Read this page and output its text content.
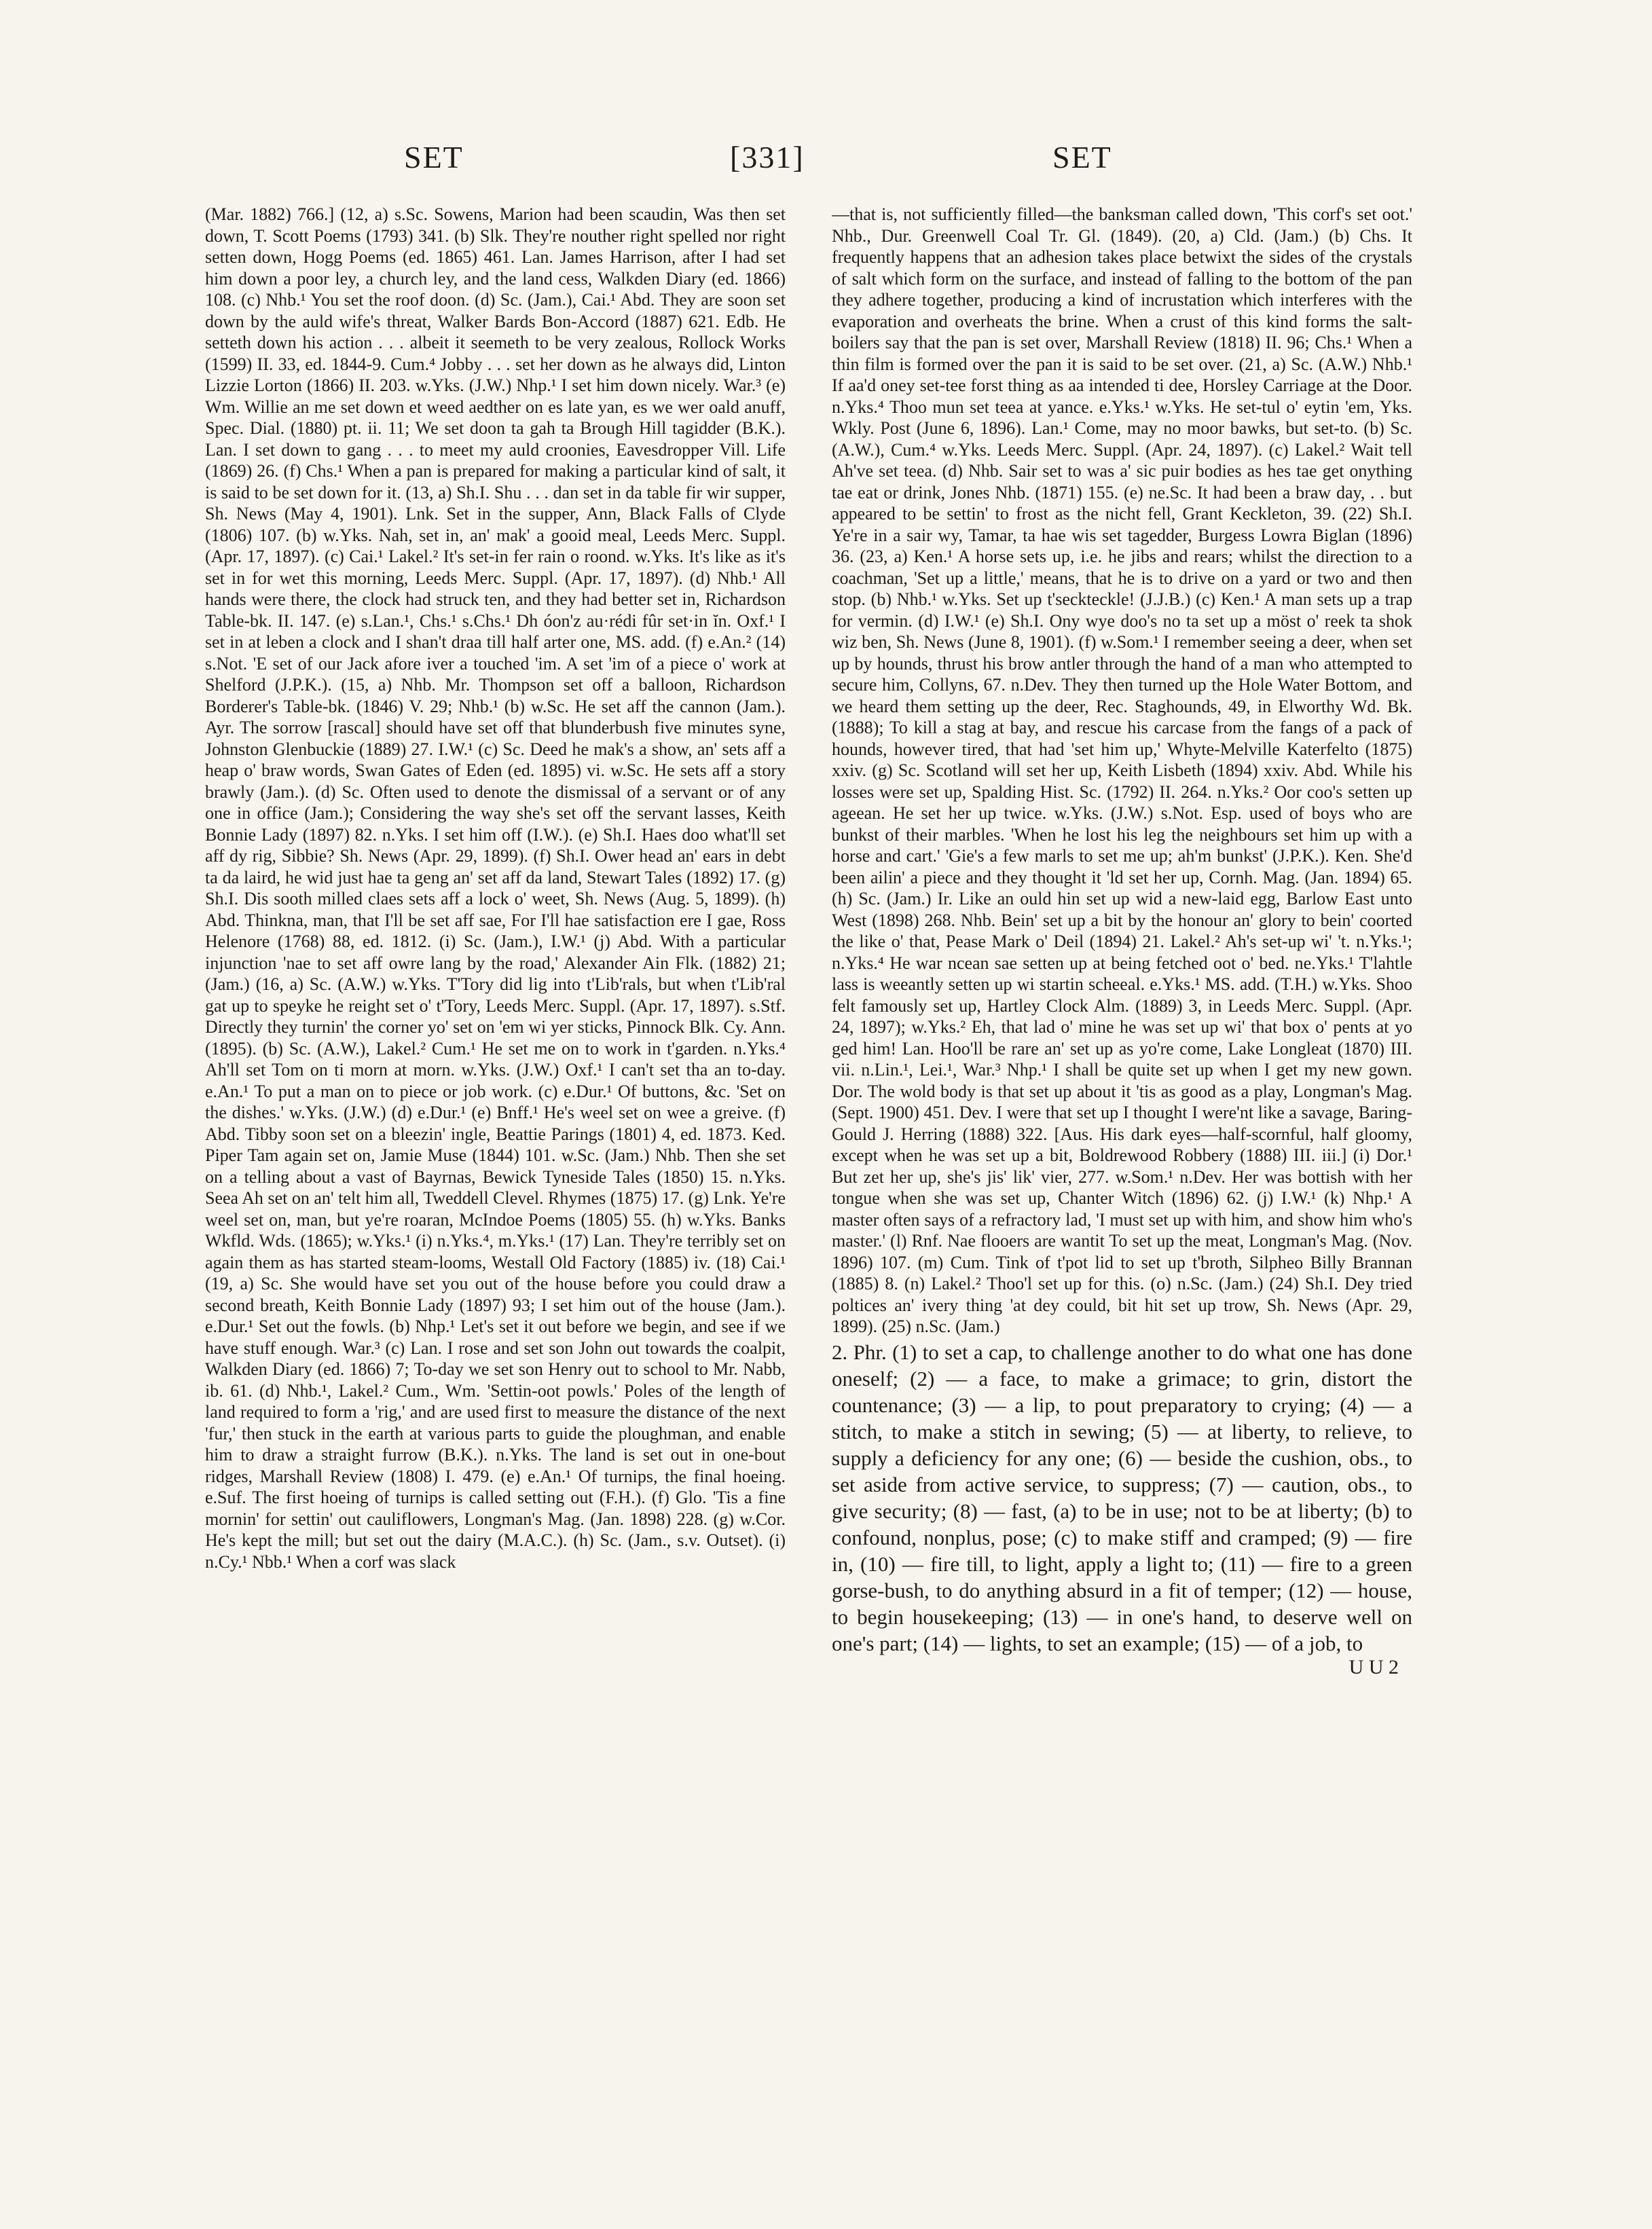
SET	[331]	SET

(Mar. 1882) 766.] (12, a) s.Sc. Sowens, Marion had been scaudin, Was then set down, T. Scott Poems (1793) 341. (b) Slk. They're nouther right spelled nor right setten down, Hogg Poems (ed. 1865) 461. Lan. James Harrison, after I had set him down a poor ley, a church ley, and the land cess, Walkden Diary (ed. 1866) 108. (c) Nhb.¹ You set the roof doon. (d) Sc. (Jam.), Cai.¹ Abd. They are soon set down by the auld wife's threat, Walker Bards Bon-Accord (1887) 621. Edb. He setteth down his action . . . albeit it seemeth to be very zealous, Rollock Works (1599) II. 33, ed. 1844-9. Cum.⁴ Jobby . . . set her down as he always did, Linton Lizzie Lorton (1866) II. 203. w.Yks. (J.W.) Nhp.¹ I set him down nicely. War.³ (e) Wm. Willie an me set down et weed aedther on es late yan, es we wer oald anuff, Spec. Dial. (1880) pt. ii. 11; We set doon ta gah ta Brough Hill tagidder (B.K.). Lan. I set down to gang . . . to meet my auld croonies, Eavesdropper Vill. Life (1869) 26. (f) Chs.¹ When a pan is prepared for making a particular kind of salt, it is said to be set down for it. (13, a) Sh.I. Shu . . . dan set in da table fir wir supper, Sh. News (May 4, 1901). Lnk. Set in the supper, Ann, Black Falls of Clyde (1806) 107. (b) w.Yks. Nah, set in, an' mak' a gooid meal, Leeds Merc. Suppl. (Apr. 17, 1897). (c) Cai.¹ Lakel.² It's set-in fer rain o roond. w.Yks. It's like as it's set in for wet this morning, Leeds Merc. Suppl. (Apr. 17, 1897). (d) Nhb.¹ All hands were there, the clock had struck ten, and they had better set in, Richardson Table-bk. II. 147. (e) s.Lan.¹, Chs.¹ s.Chs.¹ Dh óon'z au·rédi fûr set·in ĭn. Oxf.¹ I set in at leben a clock and I shan't draa till half arter one, MS. add. (f) e.An.² (14) s.Not. 'E set of our Jack afore iver a touched 'im. A set 'im of a piece o' work at Shelford (J.P.K.). (15, a) Nhb. Mr. Thompson set off a balloon, Richardson Borderer's Table-bk. (1846) V. 29; Nhb.¹ (b) w.Sc. He set aff the cannon (Jam.). Ayr. The sorrow [rascal] should have set off that blunderbush five minutes syne, Johnston Glenbuckie (1889) 27. I.W.¹ (c) Sc. Deed he mak's a show, an' sets aff a heap o' braw words, Swan Gates of Eden (ed. 1895) vi. w.Sc. He sets aff a story brawly (Jam.). (d) Sc. Often used to denote the dismissal of a servant or of any one in office (Jam.); Considering the way she's set off the servant lasses, Keith Bonnie Lady (1897) 82. n.Yks. I set him off (I.W.). (e) Sh.I. Haes doo what'll set aff dy rig, Sibbie? Sh. News (Apr. 29, 1899). (f) Sh.I. Ower head an' ears in debt ta da laird, he wid just hae ta geng an' set aff da land, Stewart Tales (1892) 17. (g) Sh.I. Dis sooth milled claes sets aff a lock o' weet, Sh. News (Aug. 5, 1899). (h) Abd. Thinkna, man, that I'll be set aff sae, For I'll hae satisfaction ere I gae, Ross Helenore (1768) 88, ed. 1812. (i) Sc. (Jam.), I.W.¹ (j) Abd. With a particular injunction 'nae to set aff owre lang by the road,' Alexander Ain Flk. (1882) 21; (Jam.) (16, a) Sc. (A.W.) w.Yks. T'Tory did lig into t'Lib'rals, but when t'Lib'ral gat up to speyke he reight set o' t'Tory, Leeds Merc. Suppl. (Apr. 17, 1897). s.Stf. Directly they turnin' the corner yo' set on 'em wi yer sticks, Pinnock Blk. Cy. Ann. (1895). (b) Sc. (A.W.), Lakel.² Cum.¹ He set me on to work in t'garden. n.Yks.⁴ Ah'll set Tom on ti morn at morn. w.Yks. (J.W.) Oxf.¹ I can't set tha an to-day. e.An.¹ To put a man on to piece or job work. (c) e.Dur.¹ Of buttons, &c. 'Set on the dishes.' w.Yks. (J.W.) (d) e.Dur.¹ (e) Bnff.¹ He's weel set on wee a greive. (f) Abd. Tibby soon set on a bleezin' ingle, Beattie Parings (1801) 4, ed. 1873. Ked. Piper Tam again set on, Jamie Muse (1844) 101. w.Sc. (Jam.) Nhb. Then she set on a telling about a vast of Bayrnas, Bewick Tyneside Tales (1850) 15. n.Yks. Seea Ah set on an' telt him all, Tweddell Clevel. Rhymes (1875) 17. (g) Lnk. Ye're weel set on, man, but ye're roaran, McIndoe Poems (1805) 55. (h) w.Yks. Banks Wkfld. Wds. (1865); w.Yks.¹ (i) n.Yks.⁴, m.Yks.¹ (17) Lan. They're terribly set on again them as has started steam-looms, Westall Old Factory (1885) iv. (18) Cai.¹ (19, a) Sc. She would have set you out of the house before you could draw a second breath, Keith Bonnie Lady (1897) 93; I set him out of the house (Jam.). e.Dur.¹ Set out the fowls. (b) Nhp.¹ Let's set it out before we begin, and see if we have stuff enough. War.³ (c) Lan. I rose and set son John out towards the coalpit, Walkden Diary (ed. 1866) 7; To-day we set son Henry out to school to Mr. Nabb, ib. 61. (d) Nhb.¹, Lakel.² Cum., Wm. 'Settin-oot powls.' Poles of the length of land required to form a 'rig,' and are used first to measure the distance of the next 'fur,' then stuck in the earth at various parts to guide the ploughman, and enable him to draw a straight furrow (B.K.). n.Yks. The land is set out in one-bout ridges, Marshall Review (1808) I. 479. (e) e.An.¹ Of turnips, the final hoeing. e.Suf. The first hoeing of turnips is called setting out (F.H.). (f) Glo. 'Tis a fine mornin' for settin' out cauliflowers, Longman's Mag. (Jan. 1898) 228. (g) w.Cor. He's kept the mill; but set out the dairy (M.A.C.). (h) Sc. (Jam., s.v. Outset). (i) n.Cy.¹ Nbb.¹ When a corf was slack

—that is, not sufficiently filled—the banksman called down, 'This corf's set oot.' Nhb., Dur. Greenwell Coal Tr. Gl. (1849). (20, a) Cld. (Jam.) (b) Chs. It frequently happens that an adhesion takes place betwixt the sides of the crystals of salt which form on the surface, and instead of falling to the bottom of the pan they adhere together, producing a kind of incrustation which interferes with the evaporation and overheats the brine. When a crust of this kind forms the salt-boilers say that the pan is set over, Marshall Review (1818) II. 96; Chs.¹ When a thin film is formed over the pan it is said to be set over. (21, a) Sc. (A.W.) Nhb.¹ If aa'd oney set-tee forst thing as aa intended ti dee, Horsley Carriage at the Door. n.Yks.⁴ Thoo mun set teea at yance. e.Yks.¹ w.Yks. He set-tul o' eytin 'em, Yks. Wkly. Post (June 6, 1896). Lan.¹ Come, may no moor bawks, but set-to. (b) Sc. (A.W.), Cum.⁴ w.Yks. Leeds Merc. Suppl. (Apr. 24, 1897). (c) Lakel.² Wait tell Ah've set teea. (d) Nhb. Sair set to was a' sic puir bodies as hes tae get onything tae eat or drink, Jones Nhb. (1871) 155. (e) ne.Sc. It had been a braw day, . . but appeared to be settin' to frost as the nicht fell, Grant Keckleton, 39. (22) Sh.I. Ye're in a sair wy, Tamar, ta hae wis set tagedder, Burgess Lowra Biglan (1896) 36. (23, a) Ken.¹ A horse sets up, i.e. he jibs and rears; whilst the direction to a coachman, 'Set up a little,' means, that he is to drive on a yard or two and then stop. (b) Nhb.¹ w.Yks. Set up t'seckteckle! (J.J.B.) (c) Ken.¹ A man sets up a trap for vermin. (d) I.W.¹ (e) Sh.I. Ony wye doo's no ta set up a möst o' reek ta shok wiz ben, Sh. News (June 8, 1901). (f) w.Som.¹ I remember seeing a deer, when set up by hounds, thrust his brow antler through the hand of a man who attempted to secure him, Collyns, 67. n.Dev. They then turned up the Hole Water Bottom, and we heard them setting up the deer, Rec. Staghounds, 49, in Elworthy Wd. Bk. (1888); To kill a stag at bay, and rescue his carcase from the fangs of a pack of hounds, however tired, that had 'set him up,' Whyte-Melville Katerfelto (1875) xxiv. (g) Sc. Scotland will set her up, Keith Lisbeth (1894) xxiv. Abd. While his losses were set up, Spalding Hist. Sc. (1792) II. 264. n.Yks.² Oor coo's setten up ageean. He set her up twice. w.Yks. (J.W.) s.Not. Esp. used of boys who are bunkst of their marbles. 'When he lost his leg the neighbours set him up with a horse and cart.' 'Gie's a few marls to set me up; ah'm bunkst' (J.P.K.). Ken. She'd been ailin' a piece and they thought it 'ld set her up, Cornh. Mag. (Jan. 1894) 65. (h) Sc. (Jam.) Ir. Like an ould hin set up wid a new-laid egg, Barlow East unto West (1898) 268. Nhb. Bein' set up a bit by the honour an' glory to bein' coorted the like o' that, Pease Mark o' Deil (1894) 21. Lakel.² Ah's set-up wi' 't. n.Yks.¹; n.Yks.⁴ He war ncean sae setten up at being fetched oot o' bed. ne.Yks.¹ T'lahtle lass is weeantly setten up wi startin scheeal. e.Yks.¹ MS. add. (T.H.) w.Yks. Shoo felt famously set up, Hartley Clock Alm. (1889) 3, in Leeds Merc. Suppl. (Apr. 24, 1897); w.Yks.² Eh, that lad o' mine he was set up wi' that box o' pents at yo ged him! Lan. Hoo'll be rare an' set up as yo're come, Lake Longleat (1870) III. vii. n.Lin.¹, Lei.¹, War.³ Nhp.¹ I shall be quite set up when I get my new gown. Dor. The wold body is that set up about it 'tis as good as a play, Longman's Mag. (Sept. 1900) 451. Dev. I were that set up I thought I were'nt like a savage, Baring-Gould J. Herring (1888) 322. [Aus. His dark eyes—half-scornful, half gloomy, except when he was set up a bit, Boldrewood Robbery (1888) III. iii.] (i) Dor.¹ But zet her up, she's jis' lik' vier, 277. w.Som.¹ n.Dev. Her was bottish with her tongue when she was set up, Chanter Witch (1896) 62. (j) I.W.¹ (k) Nhp.¹ A master often says of a refractory lad, 'I must set up with him, and show him who's master.' (l) Rnf. Nae flooers are wantit To set up the meat, Longman's Mag. (Nov. 1896) 107. (m) Cum. Tink of t'pot lid to set up t'broth, Silpheo Billy Brannan (1885) 8. (n) Lakel.² Thoo'l set up for this. (o) n.Sc. (Jam.) (24) Sh.I. Dey tried poltices an' ivery thing 'at dey could, bit hit set up trow, Sh. News (Apr. 29, 1899). (25) n.Sc. (Jam.)

2. Phr. (1) to set a cap, to challenge another to do what one has done oneself; (2) — a face, to make a grimace; to grin, distort the countenance; (3) — a lip, to pout preparatory to crying; (4) — a stitch, to make a stitch in sewing; (5) — at liberty, to relieve, to supply a deficiency for any one; (6) — beside the cushion, obs., to set aside from active service, to suppress; (7) — caution, obs., to give security; (8) — fast, (a) to be in use; not to be at liberty; (b) to confound, nonplus, pose; (c) to make stiff and cramped; (9) — fire in, (10) — fire till, to light, apply a light to; (11) — fire to a green gorse-bush, to do anything absurd in a fit of temper; (12) — house, to begin housekeeping; (13) — in one's hand, to deserve well on one's part; (14) — lights, to set an example; (15) — of a job, to

U U 2
